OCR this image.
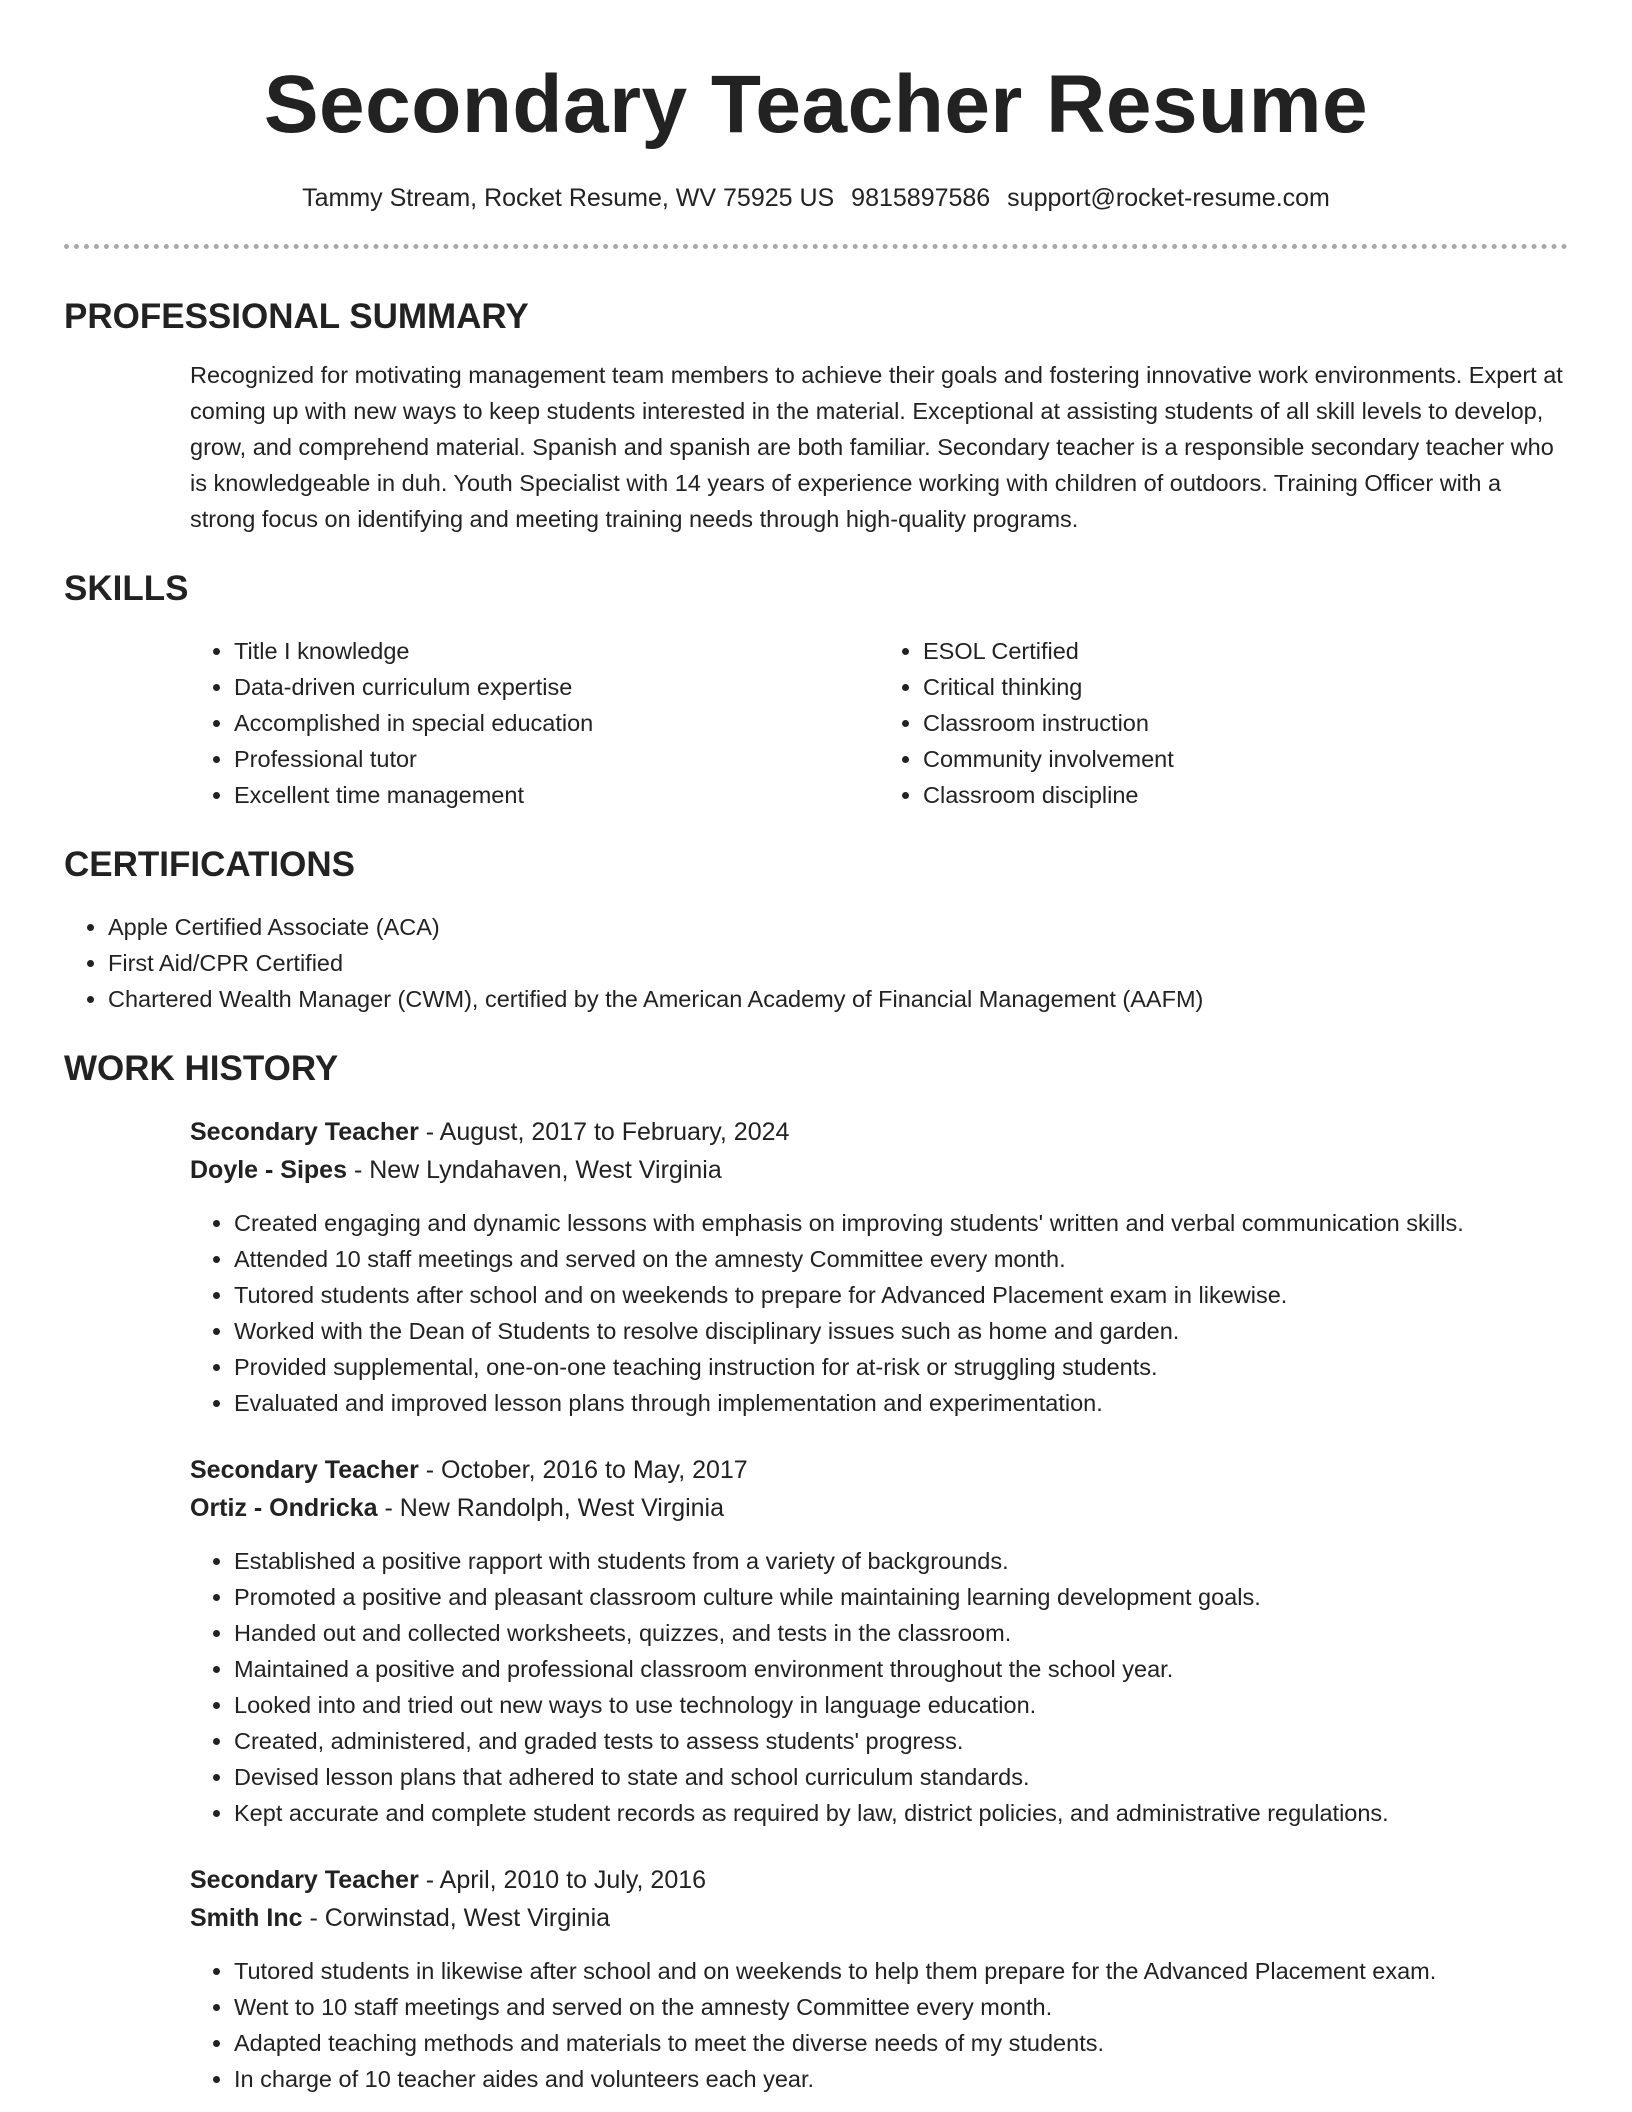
Secondary Teacher Resume
Tammy Stream, Rocket Resume, WV 75925 US 9815897586 support@rocket-resume.com
PROFESSIONAL SUMMARY

Recognized for motivating management team members to achieve their goals and fostering innovative work environments. Expert at coming up with new ways to keep students interested in the material. Exceptional at assisting students of all skill levels to develop, grow, and comprehend material. Spanish and spanish are both familiar. Secondary teacher is a responsible secondary teacher who is knowledgeable in duh. Youth Specialist with 14 years of experience working with children of outdoors. Training Officer with a strong focus on identifying and meeting training needs through high-quality programs.

SKILLS
• Title I knowledge
• Data-driven curriculum expertise
• Accomplished in special education
• Professional tutor
• Excellent time management
• ESOL Certified
• Critical thinking
• Classroom instruction
• Community involvement
• Classroom discipline
CERTIFICATIONS
• Apple Certified Associate (ACA)
• First Aid/CPR Certified
• Chartered Wealth Manager (CWM), certified by the American Academy of Financial Management (AAFM)
WORK HISTORY
Secondary Teacher - August, 2017 to February, 2024
Doyle - Sipes - New Lyndahaven, West Virginia
• Created engaging and dynamic lessons with emphasis on improving students' written and verbal communication skills.
• Attended 10 staff meetings and served on the amnesty Committee every month.
• Tutored students after school and on weekends to prepare for Advanced Placement exam in likewise.
• Worked with the Dean of Students to resolve disciplinary issues such as home and garden.
• Provided supplemental, one-on-one teaching instruction for at-risk or struggling students.
• Evaluated and improved lesson plans through implementation and experimentation.
Secondary Teacher - October, 2016 to May, 2017
Ortiz - Ondricka - New Randolph, West Virginia
• Established a positive rapport with students from a variety of backgrounds.
• Promoted a positive and pleasant classroom culture while maintaining learning development goals.
• Handed out and collected worksheets, quizzes, and tests in the classroom.
• Maintained a positive and professional classroom environment throughout the school year.
• Looked into and tried out new ways to use technology in language education.
• Created, administered, and graded tests to assess students' progress.
• Devised lesson plans that adhered to state and school curriculum standards.
• Kept accurate and complete student records as required by law, district policies, and administrative regulations.
Secondary Teacher - April, 2010 to July, 2016
Smith Inc - Corwinstad, West Virginia
• Tutored students in likewise after school and on weekends to help them prepare for the Advanced Placement exam.
• Went to 10 staff meetings and served on the amnesty Committee every month.
• Adapted teaching methods and materials to meet the diverse needs of my students.
• In charge of 10 teacher aides and volunteers each year.
